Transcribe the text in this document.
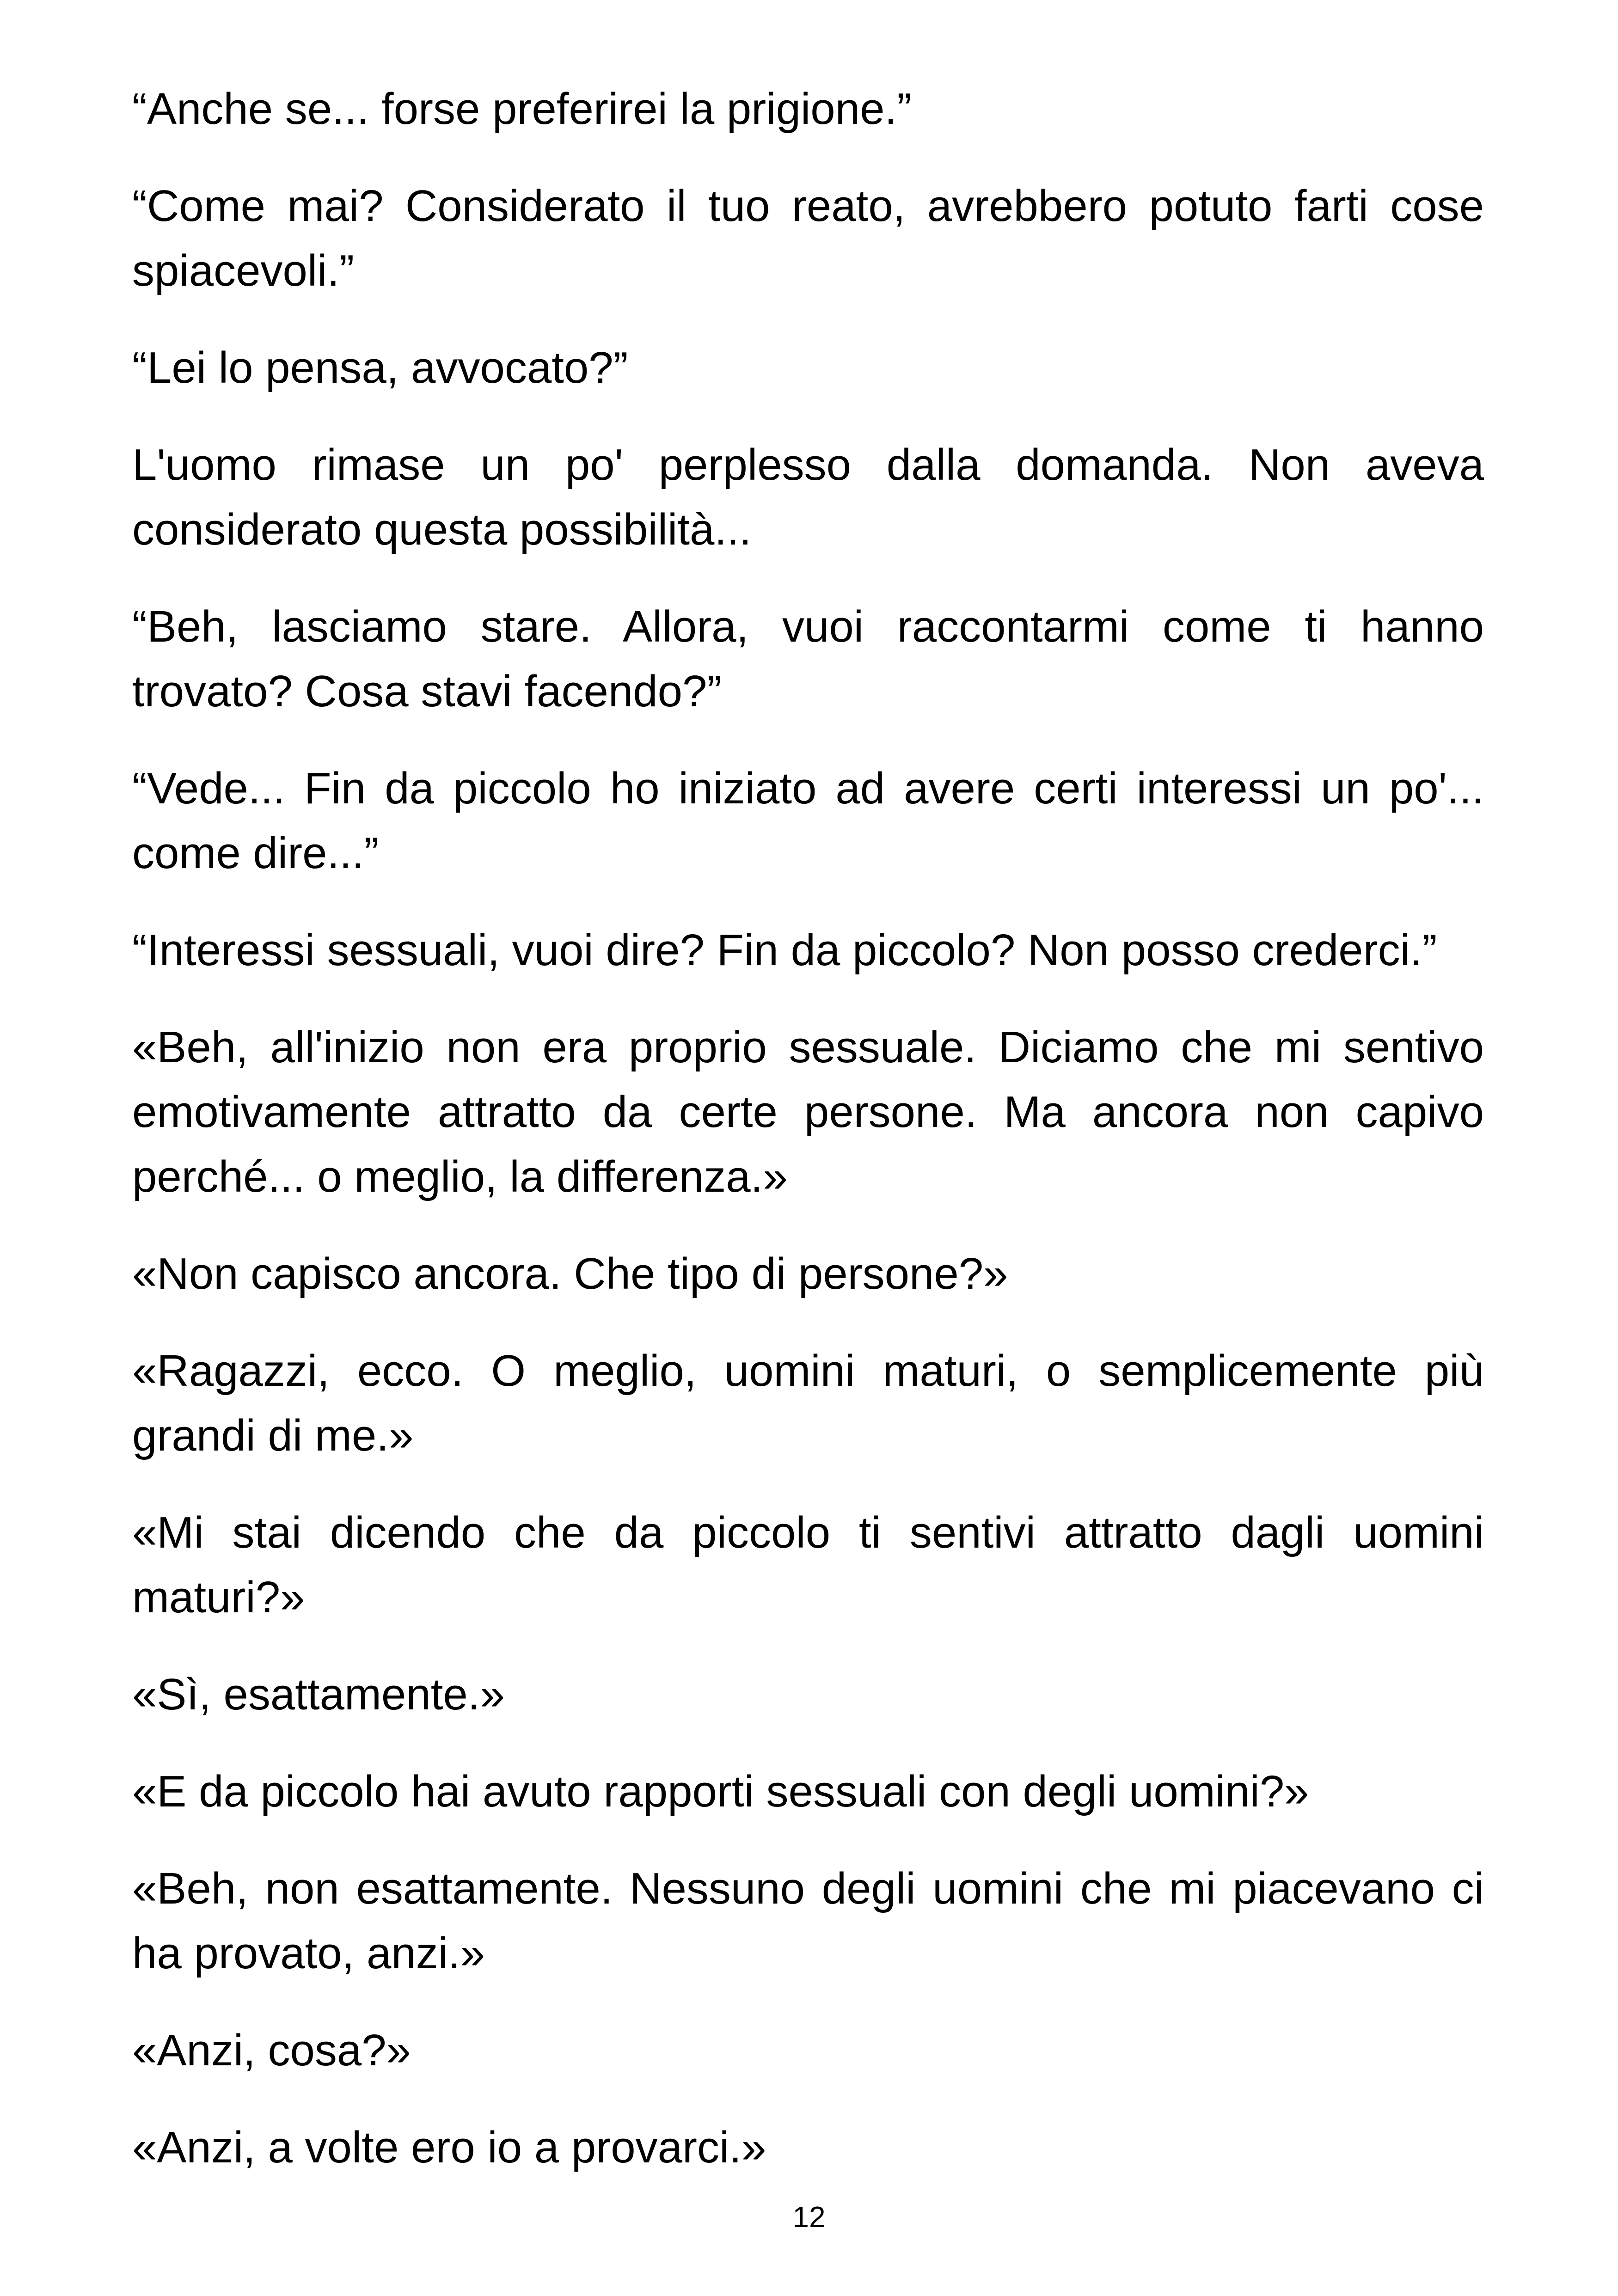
“Anche se... forse preferirei la prigione.”

“Come mai? Considerato il tuo reato, avrebbero potuto farti cose spiacevoli.”

“Lei lo pensa, avvocato?”

L'uomo rimase un po' perplesso dalla domanda. Non aveva considerato questa possibilità...

“Beh, lasciamo stare. Allora, vuoi raccontarmi come ti hanno trovato? Cosa stavi facendo?”

“Vede... Fin da piccolo ho iniziato ad avere certi interessi un po'... come dire...”

“Interessi sessuali, vuoi dire? Fin da piccolo? Non posso crederci.”

«Beh, all'inizio non era proprio sessuale. Diciamo che mi sentivo emotivamente attratto da certe persone. Ma ancora non capivo perché... o meglio, la differenza.»

«Non capisco ancora. Che tipo di persone?»

«Ragazzi, ecco. O meglio, uomini maturi, o semplicemente più grandi di me.»

«Mi stai dicendo che da piccolo ti sentivi attratto dagli uomini maturi?»

«Sì, esattamente.»

«E da piccolo hai avuto rapporti sessuali con degli uomini?»

«Beh, non esattamente. Nessuno degli uomini che mi piacevano ci ha provato, anzi.»

«Anzi, cosa?»

«Anzi, a volte ero io a provarci.»

12
